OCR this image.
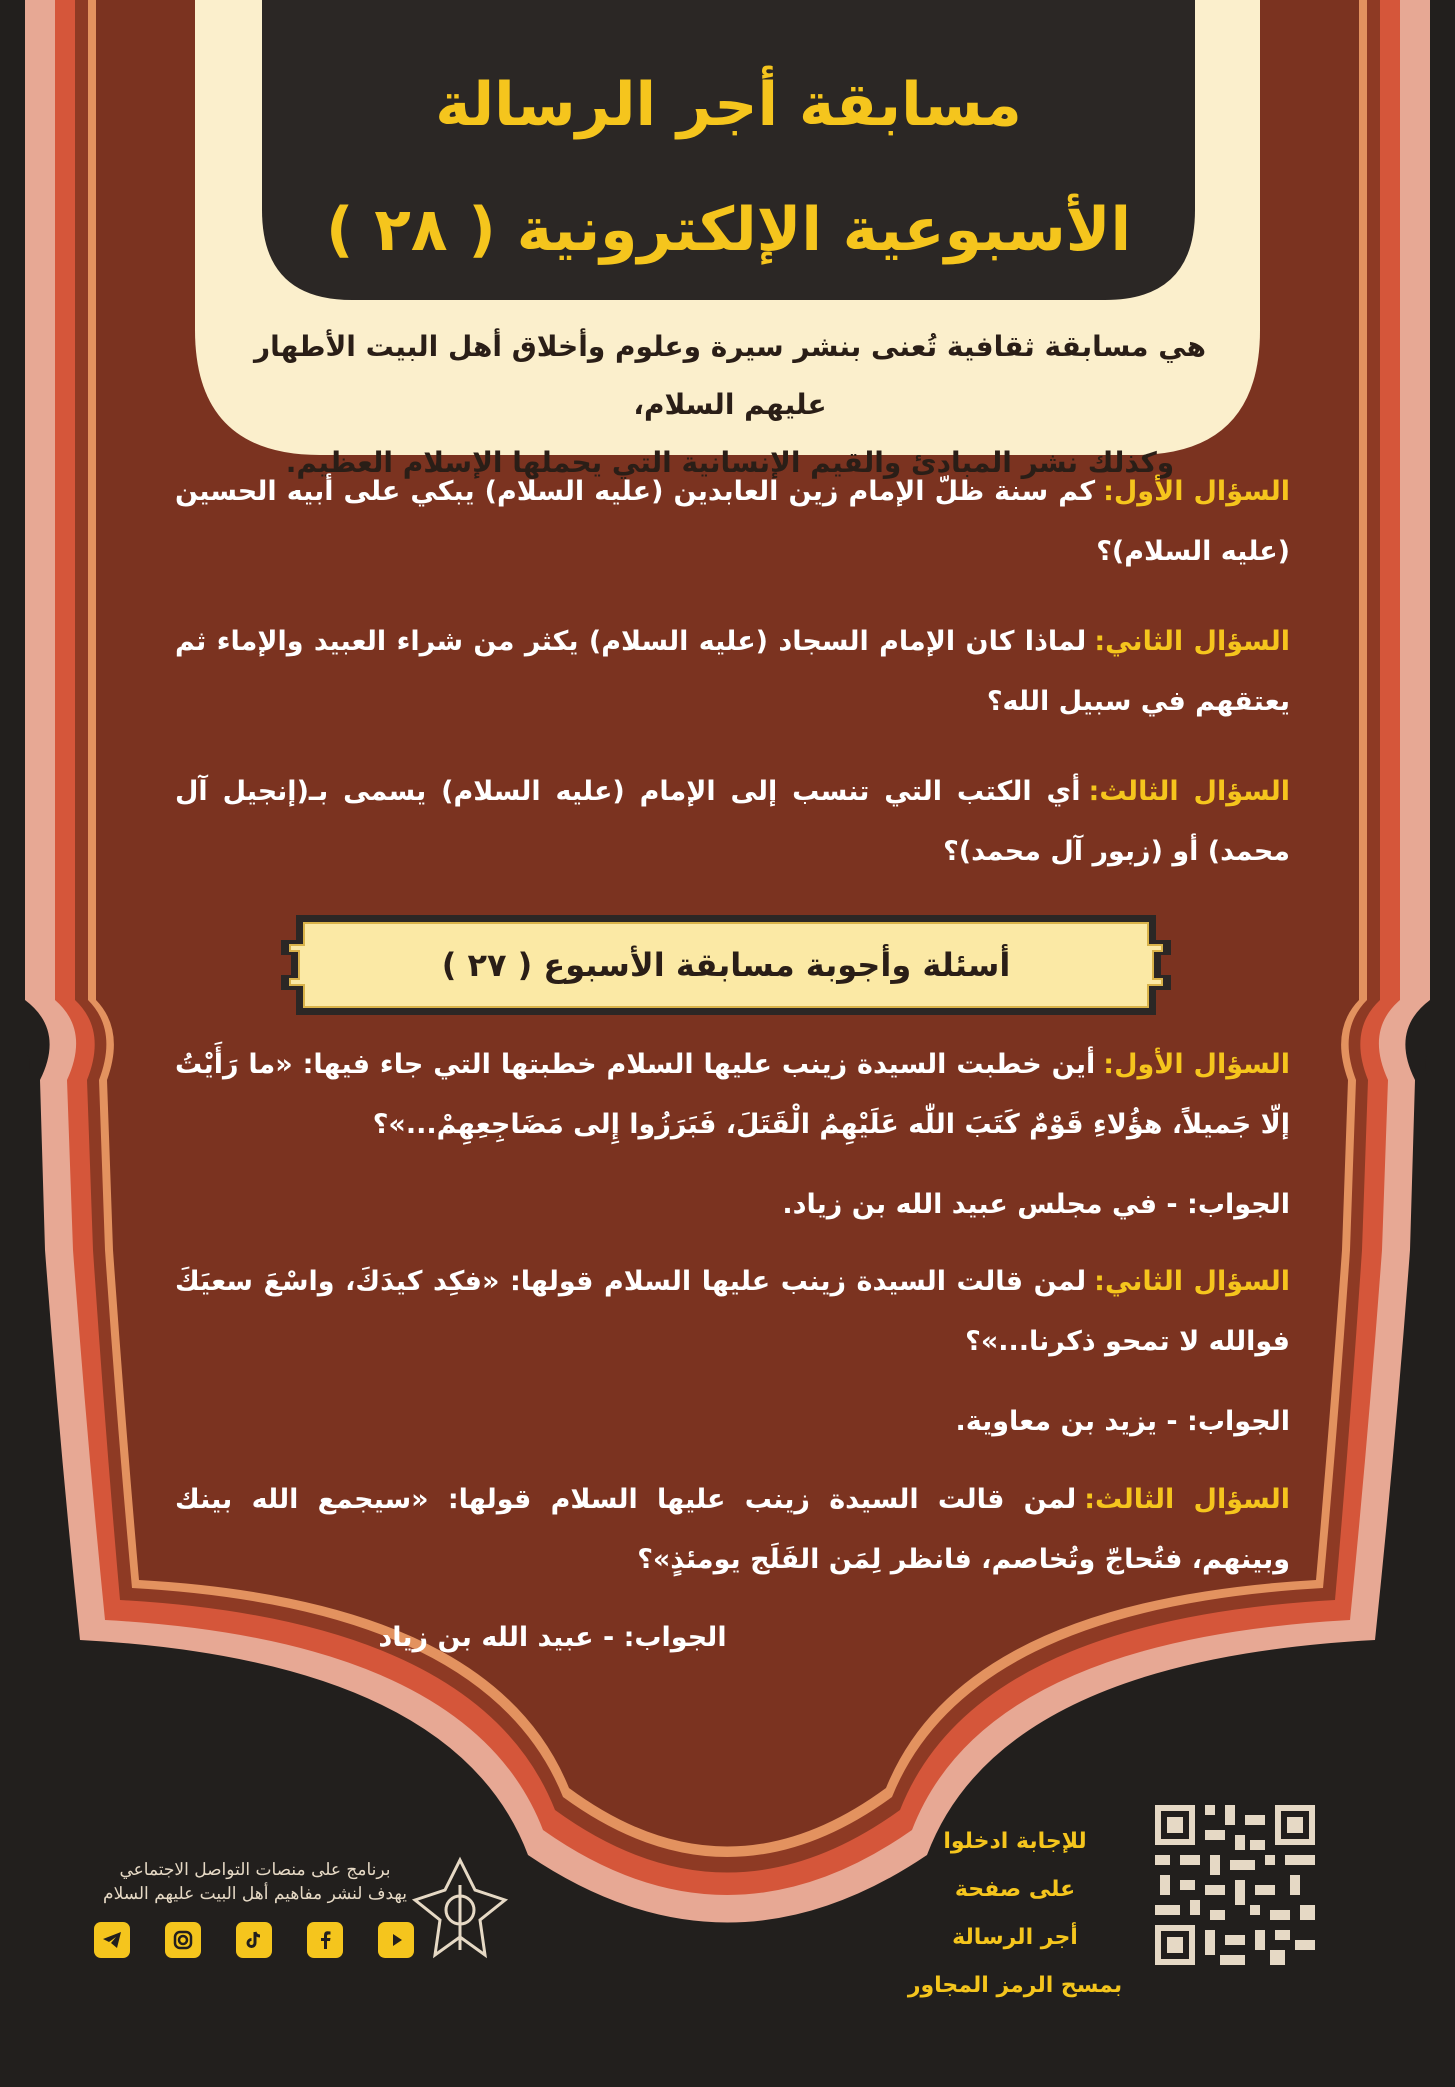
مسابقة أجر الرسالة
الأسبوعية الإلكترونية ( ٢٨ )
هي مسابقة ثقافية تُعنى بنشر سيرة وعلوم وأخلاق أهل البيت الأطهار عليهم السلام،
وكذلك نشر المبادئ والقيم الإنسانية التي يحملها الإسلام العظيم.
السؤال الأول:كم سنة ظلّ الإمام زين العابدين (عليه السلام) يبكي على أبيه الحسين (عليه السلام)؟
السؤال الثاني:لماذا كان الإمام السجاد (عليه السلام) يكثر من شراء العبيد والإماء ثم يعتقهم في سبيل الله؟
السؤال الثالث:أي الكتب التي تنسب إلى الإمام (عليه السلام) يسمى بـ(إنجيل آل محمد) أو (زبور آل محمد)؟
أسئلة وأجوبة مسابقة الأسبوع ( ٢٧ )
السؤال الأول:أين خطبت السيدة زينب عليها السلام خطبتها التي جاء فيها: «ما رَأَيْتُ إلّا جَميلاً، هؤُلاءِ قَوْمٌ كَتَبَ اللّٰه عَلَيْهِمُ الْقَتَلَ، فَبَرَزُوا إِلى مَضَاجِعِهِمْ...»؟
الجواب: - في مجلس عبيد الله بن زياد.
السؤال الثاني:لمن قالت السيدة زينب عليها السلام قولها: «فكِد كيدَكَ، واسْعَ سعيَكَ فوالله لا تمحو ذكرنا...»؟
الجواب: - يزيد بن معاوية.
السؤال الثالث:لمن قالت السيدة زينب عليها السلام قولها: «سيجمع الله بينك وبينهم، فتُحاجّ وتُخاصم، فانظر لِمَن الفَلَج يومئذٍ»؟
الجواب: - عبيد الله بن زياد
برنامج على منصات التواصل الاجتماعي
يهدف لنشر مفاهيم أهل البيت عليهم السلام
للإجابة ادخلوا
على صفحة
أجر الرسالة
بمسح الرمز المجاور
